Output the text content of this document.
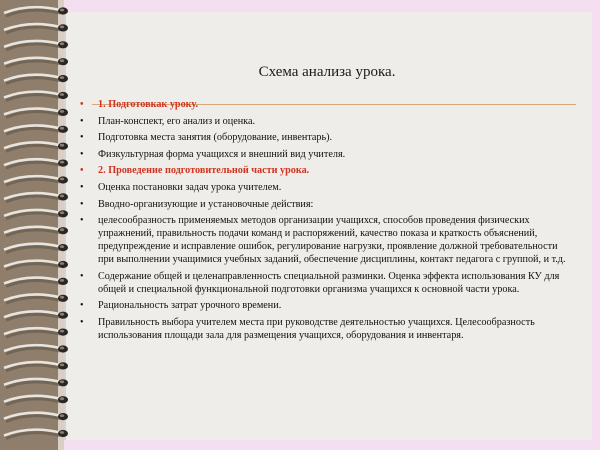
Схема анализа урока.
• 1. Подготовкак уроку.
• План-конспект, его анализ и оценка.
• Подготовка места занятия (оборудование, инвентарь).
• Физкультурная форма учащихся и внешний вид учителя.
• 2. Проведение подготовительной части урока.
• Оценка постановки задач урока учителем.
• Вводно-организующие и установочные действия:
• целесообразность применяемых методов организации учащихся, способов проведения физических упражнений, правильность подачи команд и распоряжений, качество показа и краткость объяснений, предупреждение и исправление ошибок, регулирование нагрузки, проявление должной требовательности при выполнении учащимися учебных заданий, обеспечение дисциплины, контакт педагога с группой, и т.д.
• Содержание общей и целенаправленность специальной разминки. Оценка эффекта использования КУ для общей и специальной функциональной подготовки организма учащихся к основной части урока.
• Рациональность затрат урочного времени.
• Правильность выбора учителем места при руководстве деятельностью учащихся. Целесообразность использования площади зала для размещения учащихся, оборудования и инвентаря.
